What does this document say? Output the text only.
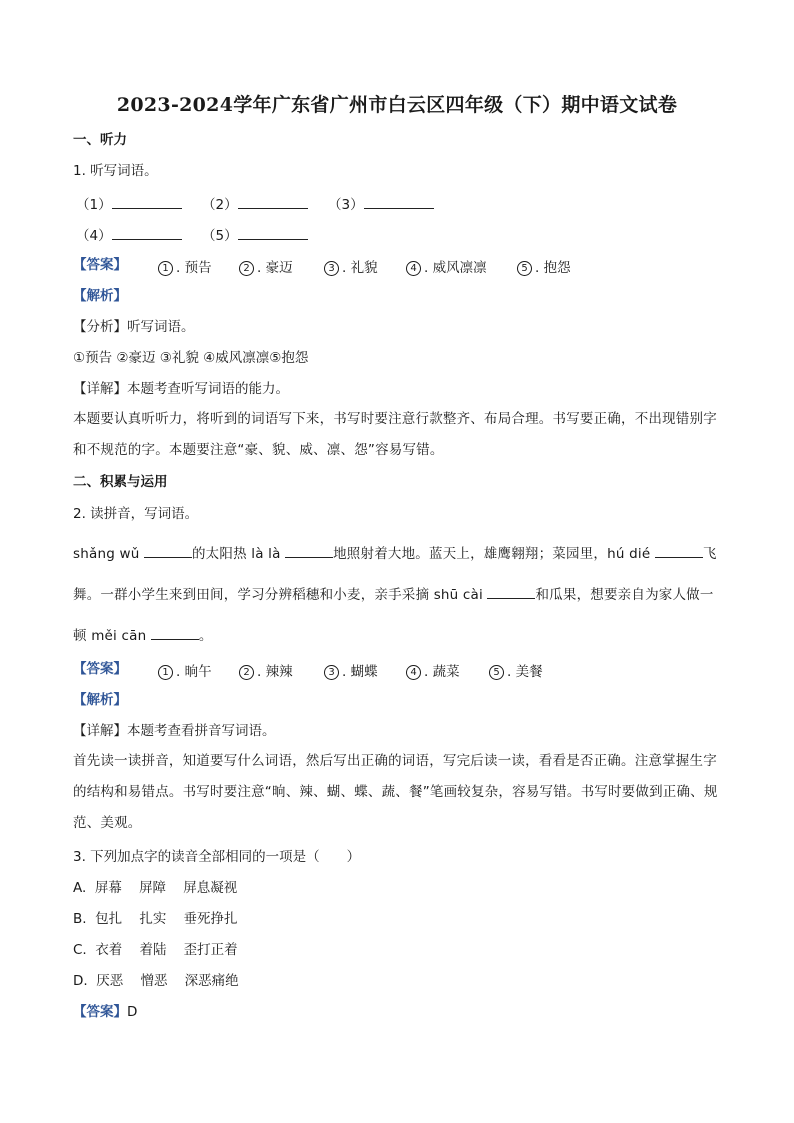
2023-2024学年广东省广州市白云区四年级（下）期中语文试卷
一、听力
1. 听写词语。
（1）	（2）	（3）
（4）	（5）
【答案】	1 . 预告	2 . 豪迈	3 . 礼貌	4 . 威风凛凛	5 . 抱怨
【解析】
【分析】听写词语。
①预告 ②豪迈 ③礼貌 ④威风凛凛⑤抱怨
【详解】本题考查听写词语的能力。
本题要认真听听力，将听到的词语写下来，书写时要注意行款整齐、布局合理。书写要正确，不出现错别字和不规范的字。本题要注意“豪、貌、威、凛、怨”容易写错。
二、积累与运用
2. 读拼音，写词语。
shǎng wǔ	的太阳热 là là	地照射着大地。蓝天上，雄鹰翱翔；菜园里，hú dié	飞舞。一群小学生来到田间，学习分辨稻穗和小麦，亲手采摘 shū cài	和瓜果，想要亲自为家人做一顿 měi cān	。
【答案】	1 . 晌午	2 . 辣辣	3 . 蝴蝶	4 . 蔬菜	5 . 美餐
【解析】
【详解】本题考查看拼音写词语。
首先读一读拼音，知道要写什么词语，然后写出正确的词语，写完后读一读，看看是否正确。注意掌握生字的结构和易错点。书写时要注意“晌、辣、蝴、蝶、蔬、餐”笔画较复杂，容易写错。书写时要做到正确、规范、美观。
3. 下列加点字的读音全部相同的一项是（　　）
A. 屏幕 屏障 屏息凝视
B. 包扎 扎实 垂死挣扎
C. 衣着 着陆 歪打正着
D. 厌恶 憎恶 深恶痛绝
【答案】D
